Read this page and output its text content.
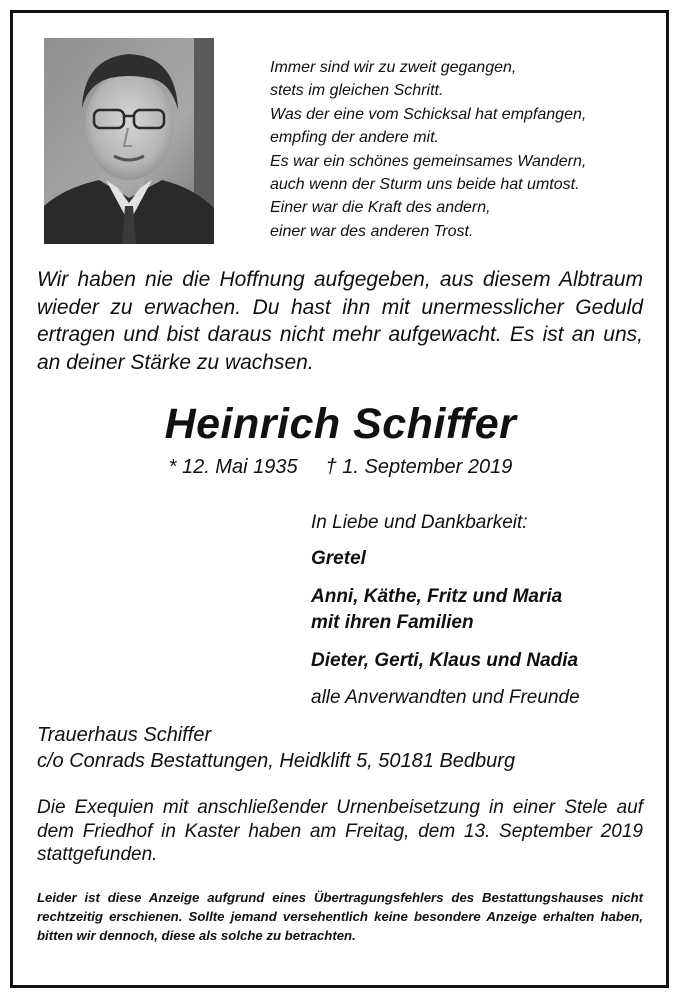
Immer sind wir zu zweit gegangen,
stets im gleichen Schritt.
Was der eine vom Schicksal hat empfangen,
empfing der andere mit.
Es war ein schönes gemeinsames Wandern,
auch wenn der Sturm uns beide hat umtost.
Einer war die Kraft des andern,
einer war des anderen Trost.
Wir haben nie die Hoffnung aufgegeben, aus diesem Albtraum wieder zu erwachen. Du hast ihn mit unermesslicher Geduld ertragen und bist daraus nicht mehr aufgewacht. Es ist an uns, an deiner Stärke zu wachsen.
Heinrich Schiffer
* 12. Mai 1935 † 1. September 2019
In Liebe und Dankbarkeit:
Gretel
Anni, Käthe, Fritz und Maria
mit ihren Familien
Dieter, Gerti, Klaus und Nadia
alle Anverwandten und Freunde
Trauerhaus Schiffer
c/o Conrads Bestattungen, Heidklift 5, 50181 Bedburg
Die Exequien mit anschließender Urnenbeisetzung in einer Stele auf dem Friedhof in Kaster haben am Freitag, dem 13. September 2019 stattgefunden.
Leider ist diese Anzeige aufgrund eines Übertragungsfehlers des Bestattungshauses nicht rechtzeitig erschienen. Sollte jemand versehentlich keine besondere Anzeige erhalten haben, bitten wir dennoch, diese als solche zu betrachten.
